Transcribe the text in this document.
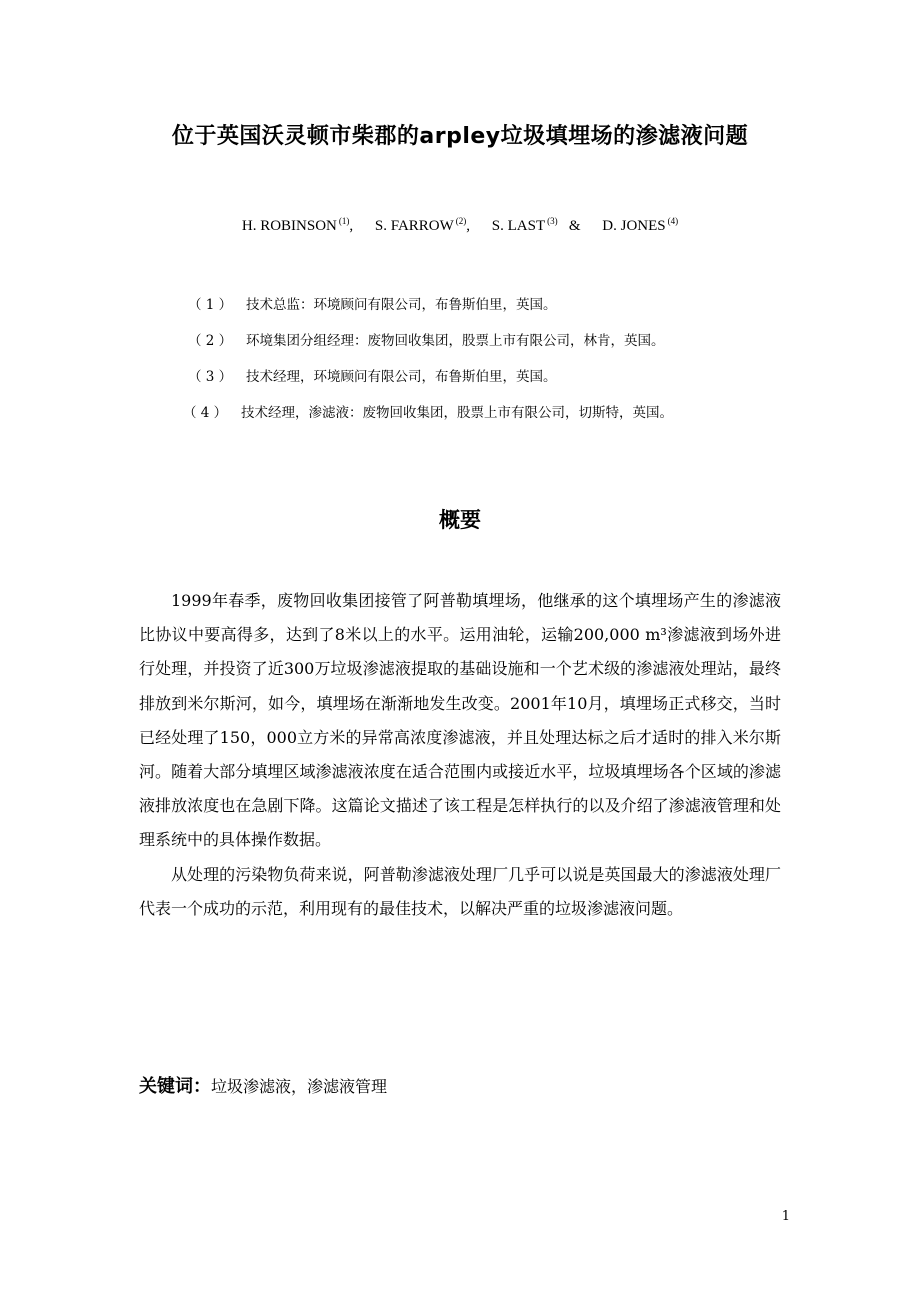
位于英国沃灵顿市柴郡的arpley垃圾填埋场的渗滤液问题
H. ROBINSON $^{(1)}$, S. FARROW $^{(2)}$, S. LAST $^{(3)}$   & D. JONES $^{(4)}$
（ 1 ） 技术总监：环境顾问有限公司，布鲁斯伯里，英国。
（ 2 ） 环境集团分组经理：废物回收集团，股票上市有限公司，林肯，英国。
（ 3 ） 技术经理，环境顾问有限公司，布鲁斯伯里，英国。
（ 4 ） 技术经理，渗滤液：废物回收集团，股票上市有限公司，切斯特，英国。
概要

1999年春季，废物回收集团接管了阿普勒填埋场，他继承的这个填埋场产生的渗滤液比协议中要高得多，达到了8米以上的水平。运用油轮，运输200,000 m³渗滤液到场外进行处理，并投资了近300万垃圾渗滤液提取的基础设施和一个艺术级的渗滤液处理站，最终排放到米尔斯河，如今，填埋场在渐渐地发生改变。2001年10月，填埋场正式移交，当时已经处理了150，000立方米的异常高浓度渗滤液，并且处理达标之后才适时的排入米尔斯河。随着大部分填埋区域渗滤液浓度在适合范围内或接近水平，垃圾填埋场各个区域的渗滤液排放浓度也在急剧下降。这篇论文描述了该工程是怎样执行的以及介绍了渗滤液管理和处理系统中的具体操作数据。

从处理的污染物负荷来说，阿普勒渗滤液处理厂几乎可以说是英国最大的渗滤液处理厂代表一个成功的示范，利用现有的最佳技术，以解决严重的垃圾渗滤液问题。

关键词：垃圾渗滤液，渗滤液管理
1
